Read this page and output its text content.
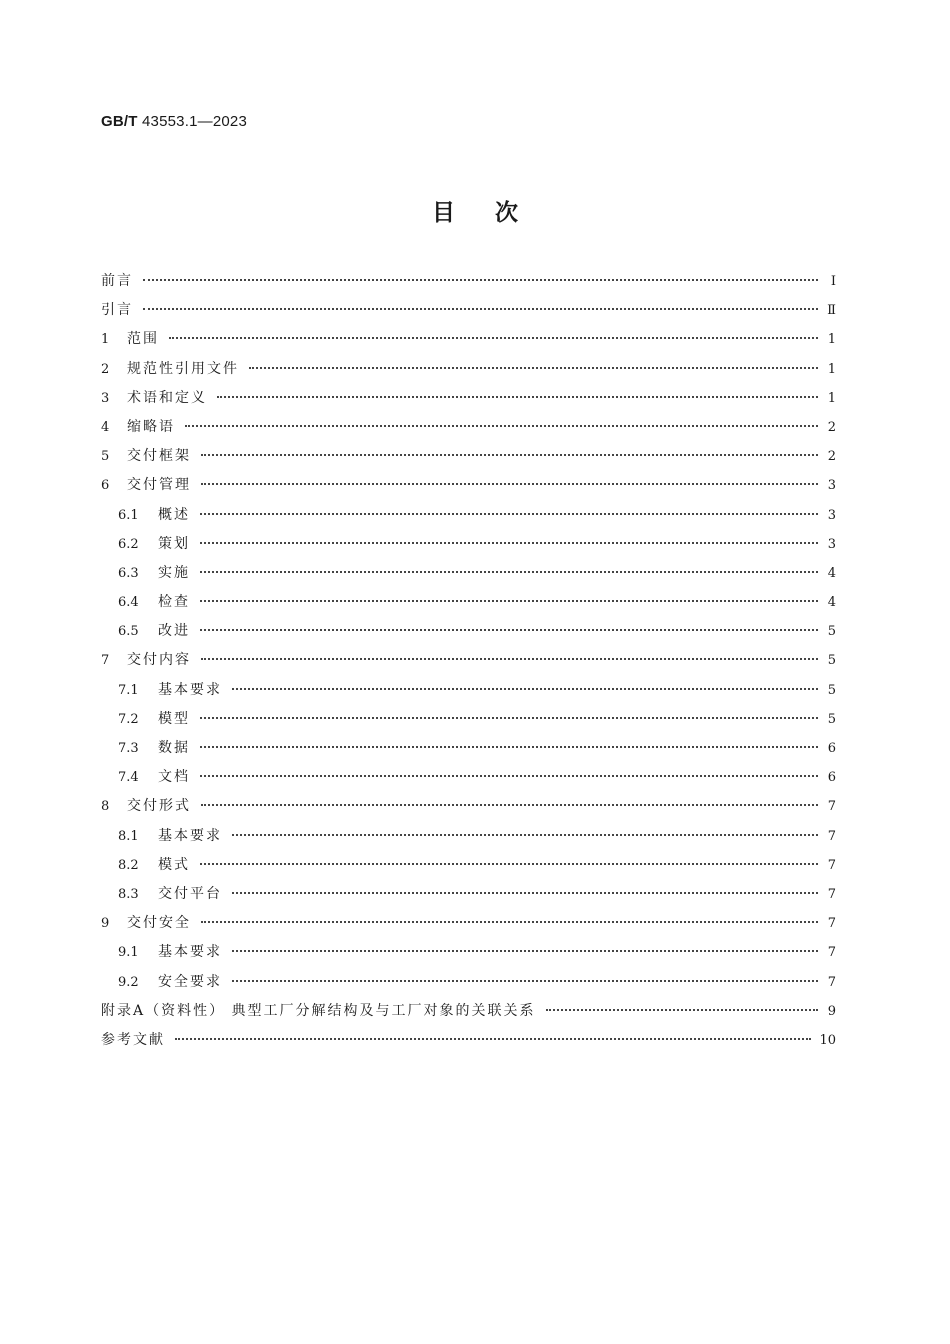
GB/T 43553.1—2023
目次
前言	Ⅰ
引言	Ⅱ
1	范围	1
2	规范性引用文件	1
3	术语和定义	1
4	缩略语	2
5	交付框架	2
6	交付管理	3
6.1	概述	3
6.2	策划	3
6.3	实施	4
6.4	检查	4
6.5	改进	5
7	交付内容	5
7.1	基本要求	5
7.2	模型	5
7.3	数据	6
7.4	文档	6
8	交付形式	7
8.1	基本要求	7
8.2	模式	7
8.3	交付平台	7
9	交付安全	7
9.1	基本要求	7
9.2	安全要求	7
附录A（资料性） 典型工厂分解结构及与工厂对象的关联关系	9
参考文献	10
